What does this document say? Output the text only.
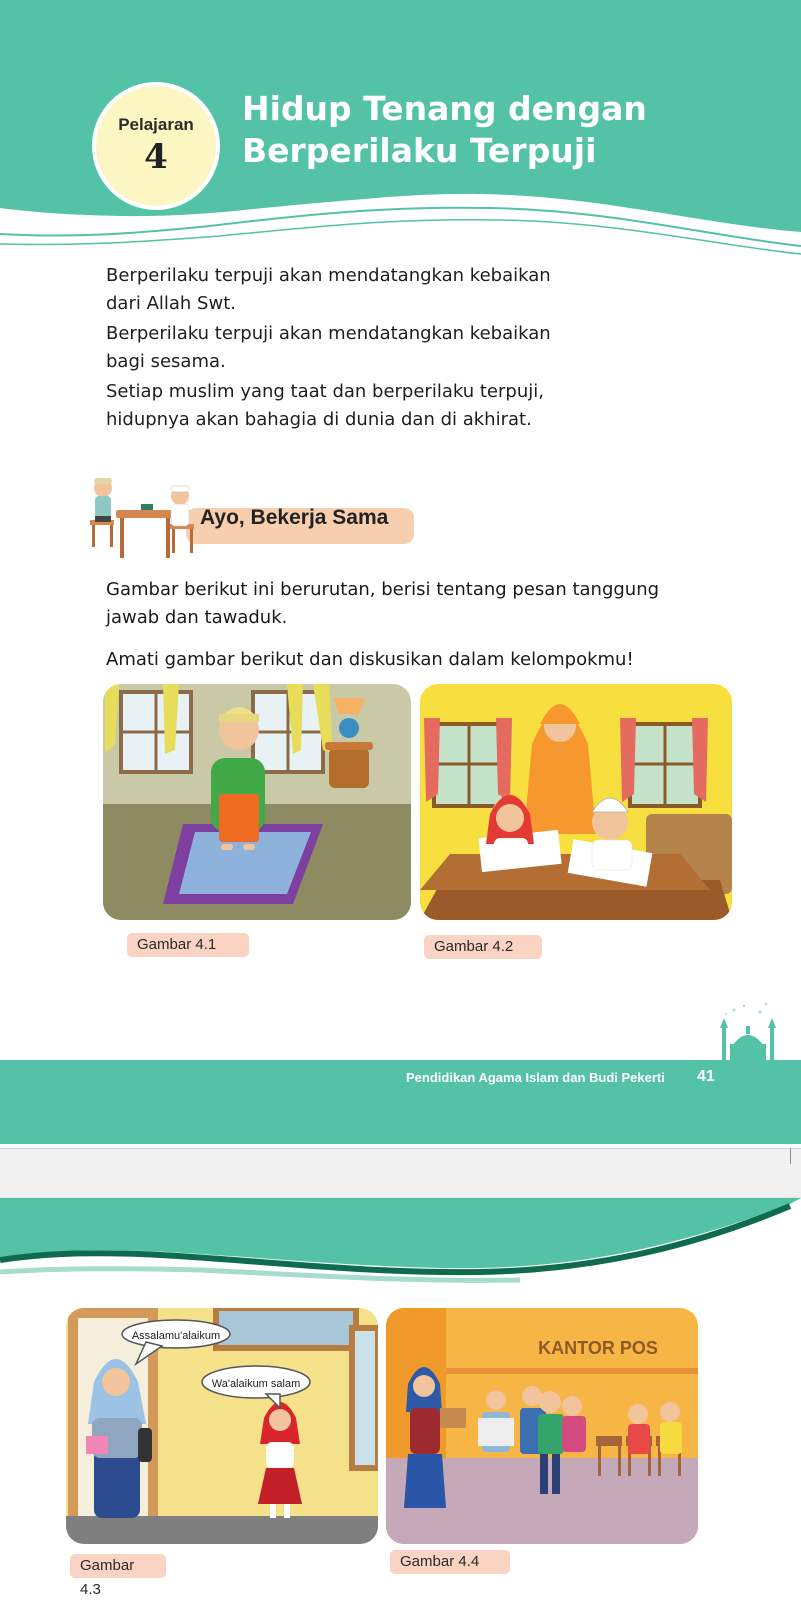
Pelajaran
4
Hidup Tenang dengan
Berperilaku Terpuji

Berperilaku terpuji akan mendatangkan kebaikan

dari Allah Swt.

Berperilaku terpuji akan mendatangkan kebaikan

bagi sesama.

Setiap muslim yang taat dan berperilaku terpuji,

hidupnya akan bahagia di dunia dan di akhirat.

Ayo, Bekerja Sama

Gambar berikut ini berurutan, berisi tentang pesan tanggung

jawab dan tawaduk.

Amati gambar berikut dan diskusikan dalam kelompokmu!

Gambar 4.1	Gambar 4.2
Pendidikan Agama Islam dan Budi Pekerti 41
Assalamu'alaikum
Wa'alaikum salam
KANTOR POS
Gambar 4.3
Gambar 4.4
